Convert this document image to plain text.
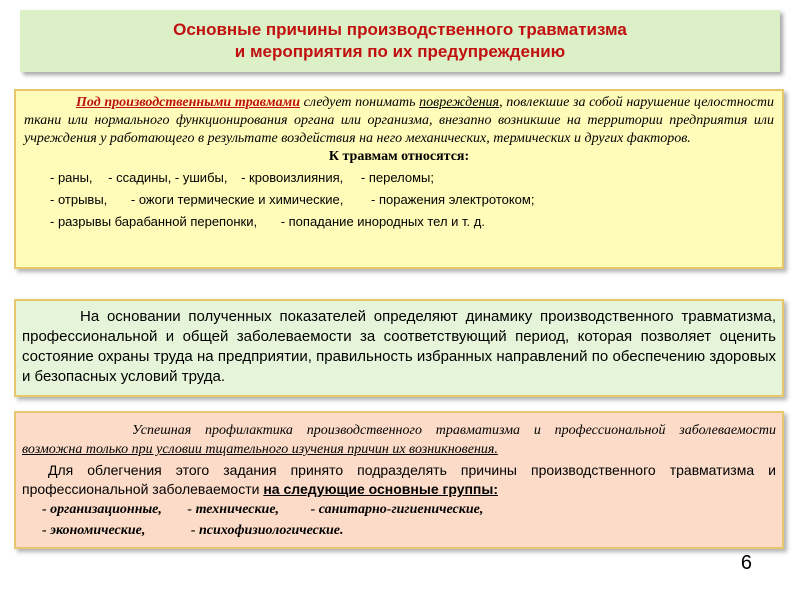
Основные причины производственного травматизма
и мероприятия по их предупреждению

Под производственными травмами следует понимать повреждения, повлекшие за собой нарушение целостности ткани или нормального функционирования органа или организма, внезапно возникшие на территории предприятия или учреждения у работающего в результате воздействия на него механических, термических и других факторов.

К травмам относятся:
- раны, - ссадины, - ушибы, - кровоизлияния, - переломы;
- отрывы, - ожоги термические и химические, - поражения электротоком;
- разрывы барабанной перепонки, - попадание инородных тел и т. д.
На основании полученных показателей определяют динамику производственного травматизма, профессиональной и общей заболеваемости за соответствующий период, которая позволяет оценить состояние охраны труда на предприятии, правильность избранных направлений по обеспечению здоровых и безопасных условий труда.

Успешная профилактика производственного травматизма и профессиональной заболеваемости возможна только при условии тщательного изучения причин их возникновения.

Для облегчения этого задания принято подразделять причины производственного травматизма и профессиональной заболеваемости на следующие основные группы:

- организационные, - технические, - санитарно-гигиенические,
- экономические,	- психофизиологические.
6
